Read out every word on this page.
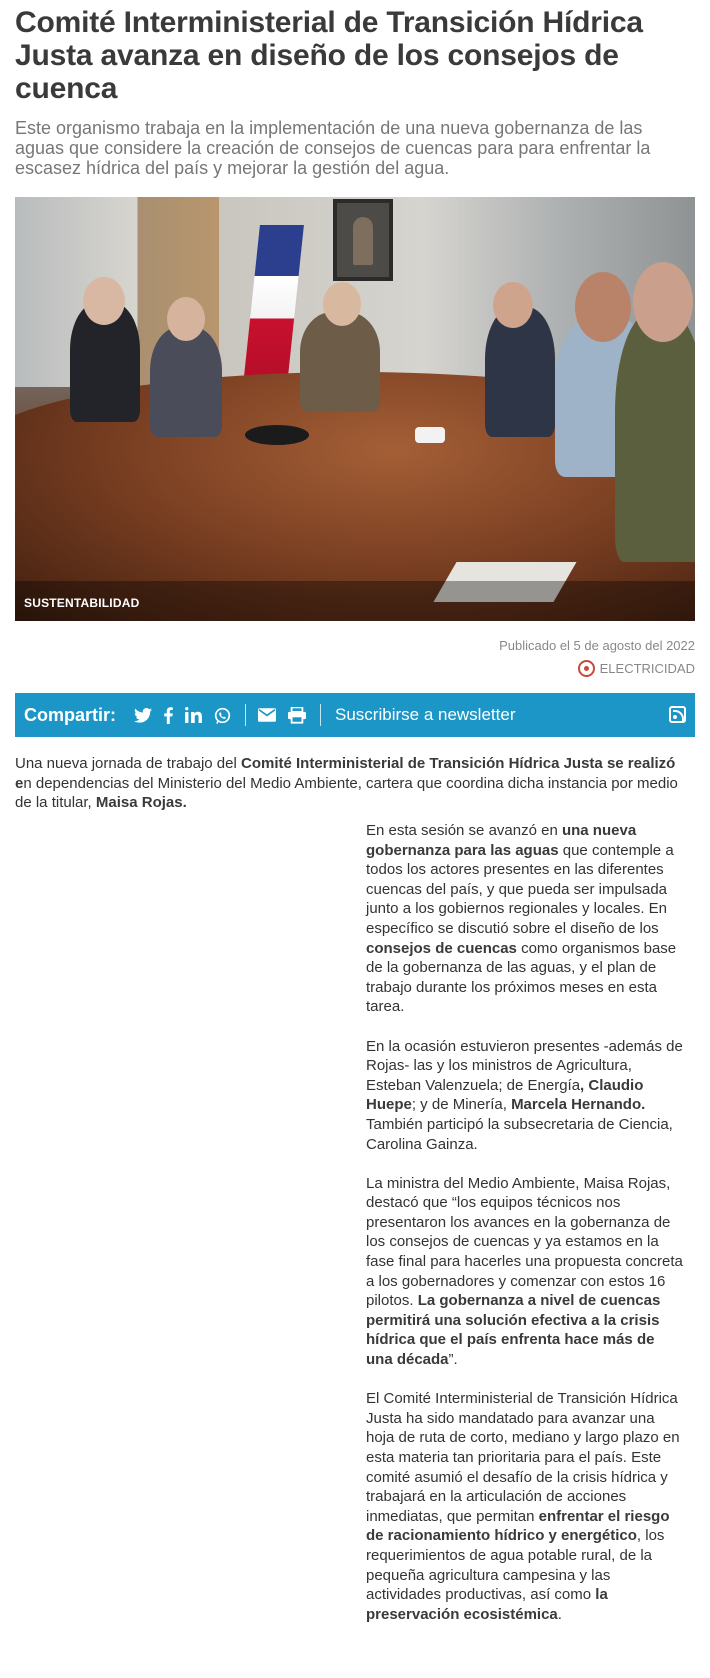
Comité Interministerial de Transición Hídrica Justa avanza en diseño de los consejos de cuenca

Este organismo trabaja en la implementación de una nueva gobernanza de las aguas que considere la creación de consejos de cuencas para para enfrentar la escasez hídrica del país y mejorar la gestión del agua.

SUSTENTABILIDAD
Publicado el 5 de agosto del 2022
ELECTRICIDAD
Compartir:	Suscribirse a newsletter

Una nueva jornada de trabajo del Comité Interministerial de Transición Hídrica Justa se realizó en dependencias del Ministerio del Medio Ambiente, cartera que coordina dicha instancia por medio de la titular, Maisa Rojas.

En esta sesión se avanzó en una nueva gobernanza para las aguas que contemple a todos los actores presentes en las diferentes cuencas del país, y que pueda ser impulsada junto a los gobiernos regionales y locales. En específico se discutió sobre el diseño de los consejos de cuencas como organismos base de la gobernanza de las aguas, y el plan de trabajo durante los próximos meses en esta tarea.

En la ocasión estuvieron presentes -además de Rojas- las y los ministros de Agricultura, Esteban Valenzuela; de Energía, Claudio Huepe; y de Minería, Marcela Hernando. También participó la subsecretaria de Ciencia, Carolina Gainza.

La ministra del Medio Ambiente, Maisa Rojas, destacó que “los equipos técnicos nos presentaron los avances en la gobernanza de los consejos de cuencas y ya estamos en la fase final para hacerles una propuesta concreta a los gobernadores y comenzar con estos 16 pilotos. La gobernanza a nivel de cuencas permitirá una solución efectiva a la crisis hídrica que el país enfrenta hace más de una década”.

El Comité Interministerial de Transición Hídrica Justa ha sido mandatado para avanzar una hoja de ruta de corto, mediano y largo plazo en esta materia tan prioritaria para el país. Este comité asumió el desafío de la crisis hídrica y trabajará en la articulación de acciones inmediatas, que permitan enfrentar el riesgo de racionamiento hídrico y energético, los requerimientos de agua potable rural, de la pequeña agricultura campesina y las actividades productivas, así como la preservación ecosistémica.
